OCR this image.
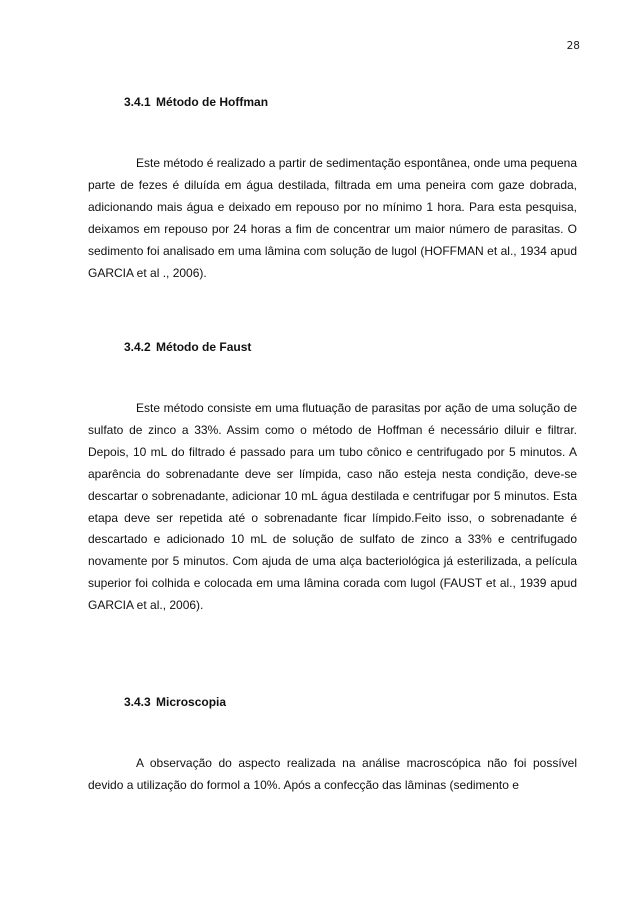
28
3.4.1 Método de Hoffman

Este método é realizado a partir de sedimentação espontânea, onde uma pequena parte de fezes é diluída em água destilada, filtrada em uma peneira com gaze dobrada, adicionando mais água e deixado em repouso por no mínimo 1 hora. Para esta pesquisa, deixamos em repouso por 24 horas a fim de concentrar um maior número de parasitas. O sedimento foi analisado em uma lâmina com solução de lugol (HOFFMAN et al., 1934 apud GARCIA et al ., 2006).

3.4.2 Método de Faust

Este método consiste em uma flutuação de parasitas por ação de uma solução de sulfato de zinco a 33%. Assim como o método de Hoffman é necessário diluir e filtrar. Depois, 10 mL do filtrado é passado para um tubo cônico e centrifugado por 5 minutos. A aparência do sobrenadante deve ser límpida, caso não esteja nesta condição, deve-se descartar o sobrenadante, adicionar 10 mL água destilada e centrifugar por 5 minutos. Esta etapa deve ser repetida até o sobrenadante ficar límpido.Feito isso, o sobrenadante é descartado e adicionado 10 mL de solução de sulfato de zinco a 33% e centrifugado novamente por 5 minutos. Com ajuda de uma alça bacteriológica já esterilizada, a película superior foi colhida e colocada em uma lâmina corada com lugol (FAUST et al., 1939 apud GARCIA et al., 2006).

3.4.3 Microscopia

A observação do aspecto realizada na análise macroscópica não foi possível devido a utilização do formol a 10%. Após a confecção das lâminas (sedimento e
